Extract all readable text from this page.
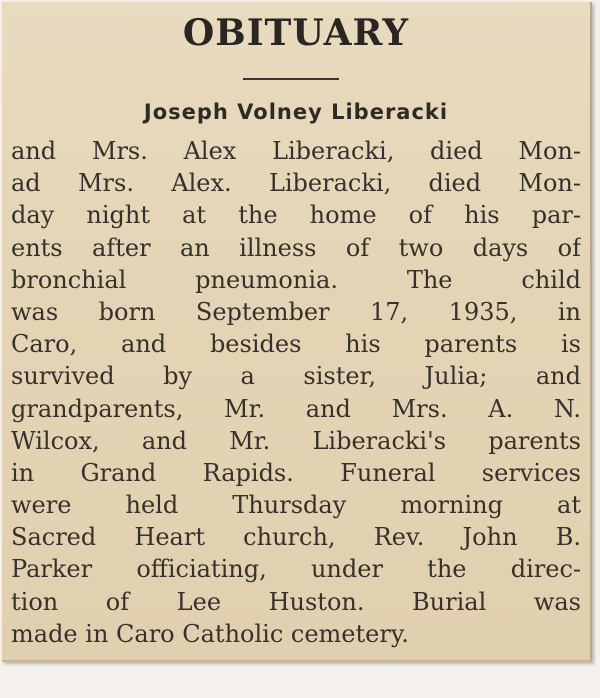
OBITUARY
Joseph Volney Liberacki
and Mrs. Alex Liberacki, died Mon-
ad Mrs. Alex. Liberacki, died Mon-
day night at the home of his par-
ents after an illness of two days of
bronchial pneumonia. The child
was born September 17, 1935, in
Caro, and besides his parents is
survived by a sister, Julia; and
grandparents, Mr. and Mrs. A. N.
Wilcox, and Mr. Liberacki's parents
in Grand Rapids. Funeral services
were held Thursday morning at
Sacred Heart church, Rev. John B.
Parker officiating, under the direc-
tion of Lee Huston. Burial was
made in Caro Catholic cemetery.
